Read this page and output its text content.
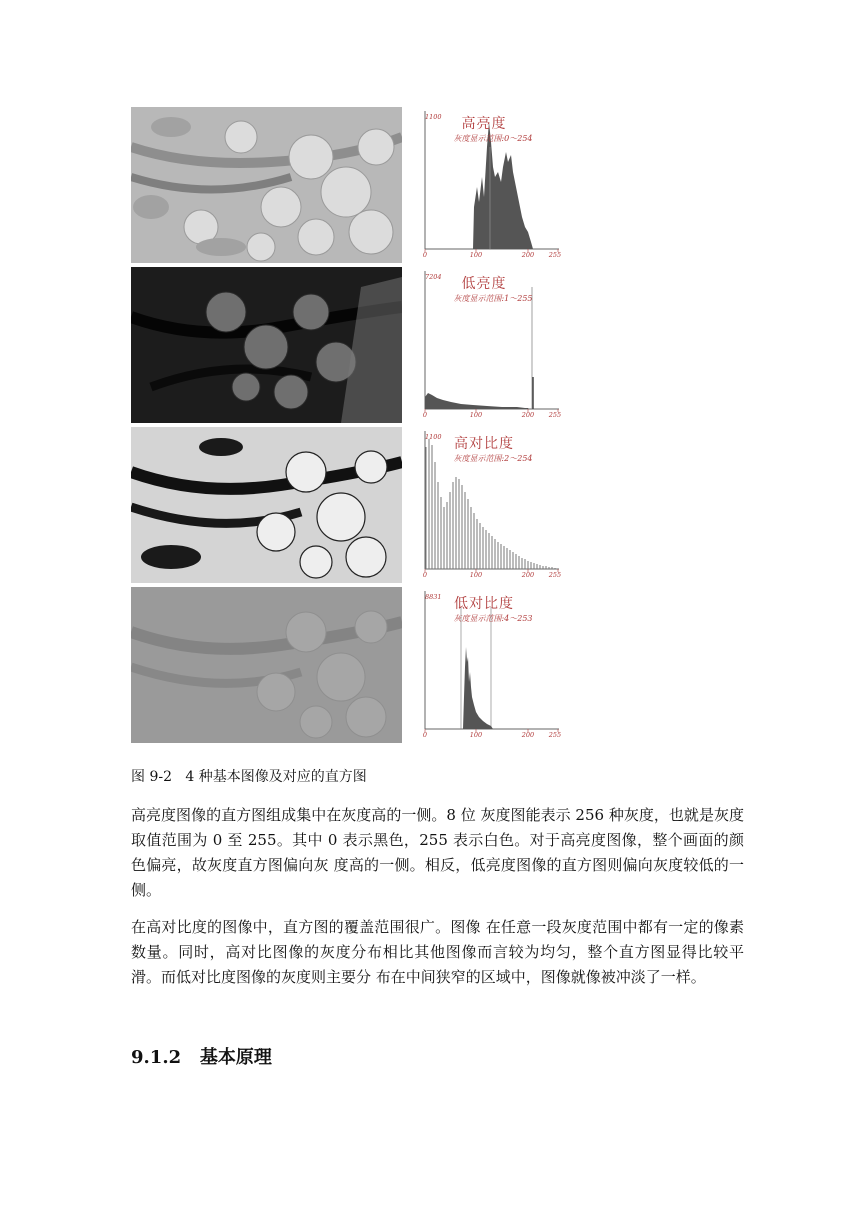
1100	高亮度
灰度显示范围:0～254
0	100	200 255
7204	低亮度
灰度显示范围:1～255
0	100	200 255
1100 高对比度
灰度显示范围:2～254
0	100	200 255
8831 低对比度
灰度显示范围:4～253
0	100	200 255
图 9-2   4 种基本图像及对应的直方图

高亮度图像的直方图组成集中在灰度高的一侧。8 位 灰度图能表示 256 种灰度，也就是灰度取值范围为 0 至 255。其中 0 表示黑色，255 表示白色。对于高亮度图像，整个画面的颜色偏亮，故灰度直方图偏向灰 度高的一侧。相反，低亮度图像的直方图则偏向灰度较低的一侧。

在高对比度的图像中，直方图的覆盖范围很广。图像 在任意一段灰度范围中都有一定的像素数量。同时，高对比图像的灰度分布相比其他图像而言较为均匀，整个直方图显得比较平滑。而低对比度图像的灰度则主要分 布在中间狭窄的区域中，图像就像被冲淡了一样。

9.1.2   基本原理
